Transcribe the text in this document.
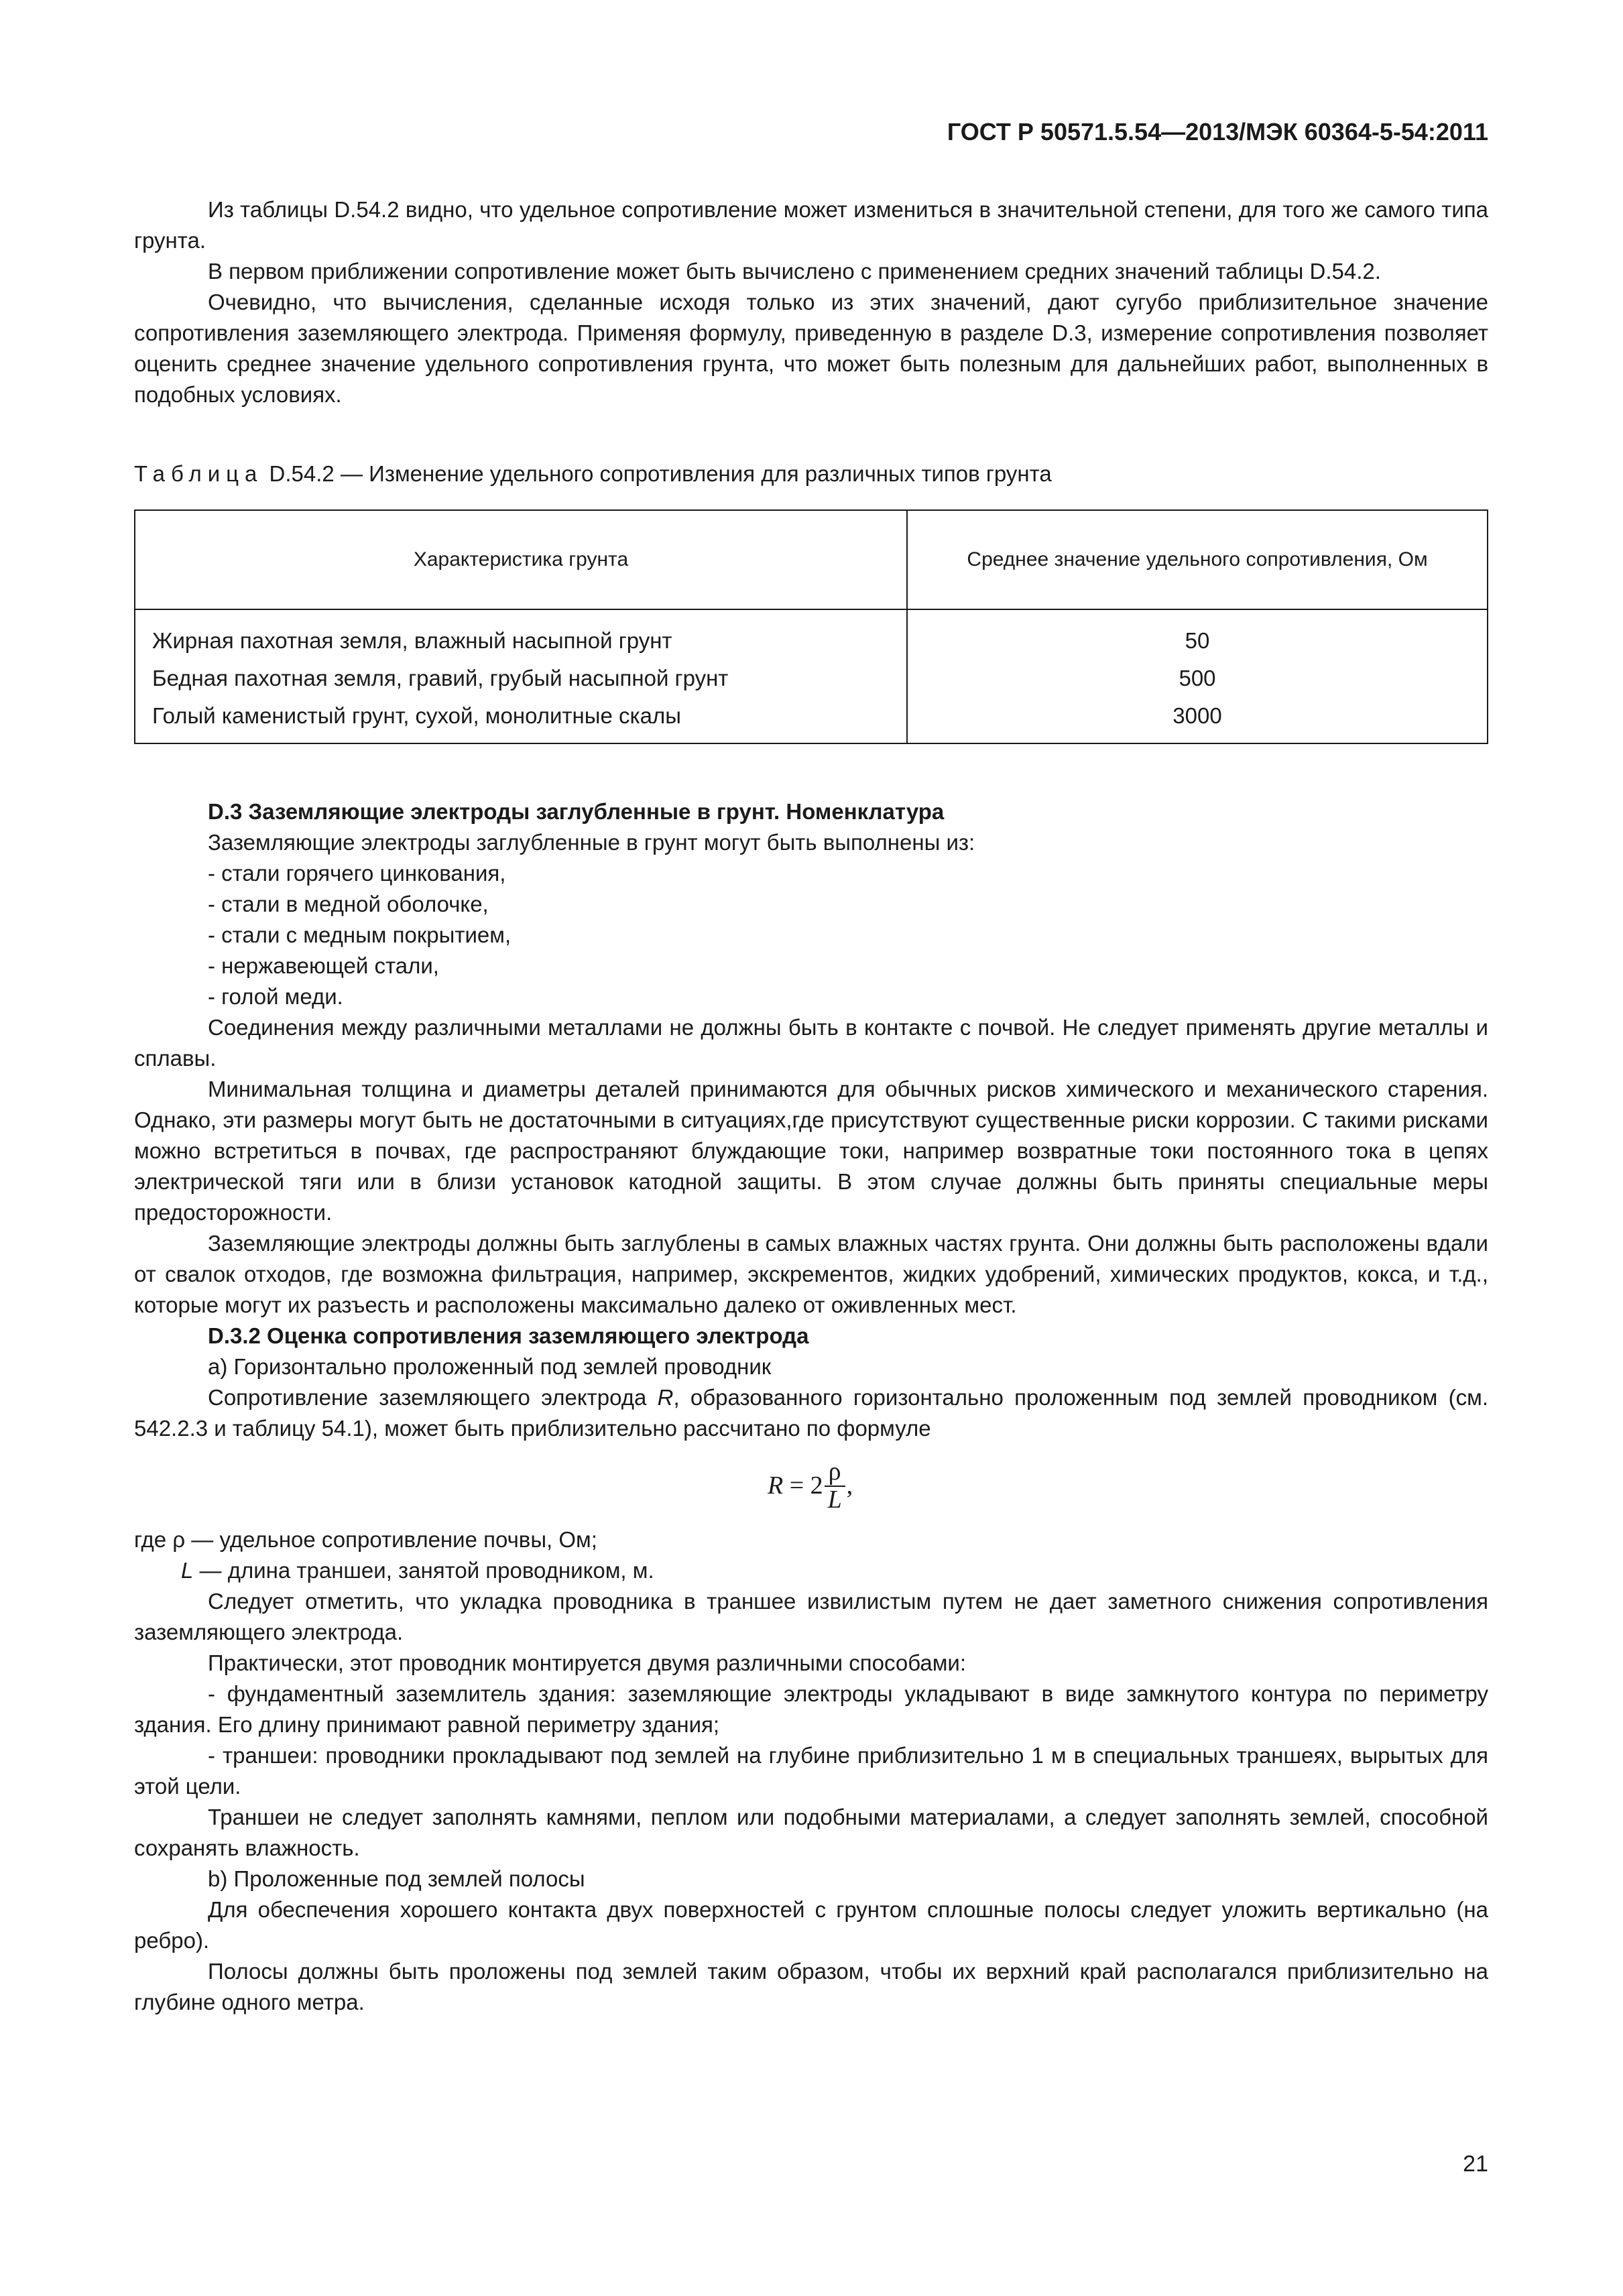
ГОСТ Р 50571.5.54—2013/МЭК 60364-5-54:2011

Из таблицы D.54.2 видно, что удельное сопротивление может измениться в значительной степени, для того же самого типа грунта.

В первом приближении сопротивление может быть вычислено с применением средних значений таблицы D.54.2.

Очевидно, что вычисления, сделанные исходя только из этих значений, дают сугубо приблизительное значение сопротивления заземляющего электрода. Применяя формулу, приведенную в разделе D.3, измерение сопротивления позволяет оценить среднее значение удельного сопротивления грунта, что может быть полезным для дальнейших работ, выполненных в подобных условиях.

Таблица D.54.2 — Изменение удельного сопротивления для различных типов грунта

Характеристика грунта	Среднее значение удельного сопротивления, Ом
Жирная пахотная земля, влажный насыпной грунт	50
Бедная пахотная земля, гравий, грубый насыпной грунт	500
Голый каменистый грунт, сухой, монолитные скалы	3000

D.3 Заземляющие электроды заглубленные в грунт. Номенклатура

Заземляющие электроды заглубленные в грунт могут быть выполнены из:

- стали горячего цинкования,

- стали в медной оболочке,

- стали с медным покрытием,

- нержавеющей стали,

- голой меди.

Соединения между различными металлами не должны быть в контакте с почвой. Не следует применять другие металлы и сплавы.

Минимальная толщина и диаметры деталей принимаются для обычных рисков химического и механического старения. Однако, эти размеры могут быть не достаточными в ситуациях,где присутствуют существенные риски коррозии. С такими рисками можно встретиться в почвах, где распространяют блуждающие токи, например возвратные токи постоянного тока в цепях электрической тяги или в близи установок катодной защиты. В этом случае должны быть приняты специальные меры предосторожности.

Заземляющие электроды должны быть заглублены в самых влажных частях грунта. Они должны быть расположены вдали от свалок отходов, где возможна фильтрация, например, экскрементов, жидких удобрений, химических продуктов, кокса, и т.д., которые могут их разъесть и расположены максимально далеко от оживленных мест.

D.3.2 Оценка сопротивления заземляющего электрода

a) Горизонтально проложенный под землей проводник

Сопротивление заземляющего электрода R, образованного горизонтально проложенным под землей проводником (см. 542.2.3 и таблицу 54.1), может быть приблизительно рассчитано по формуле

$R = 2 \frac{\rho}{L}$ ,

где ρ — удельное сопротивление почвы, Ом;

L — длина траншеи, занятой проводником, м.

Следует отметить, что укладка проводника в траншее извилистым путем не дает заметного снижения сопротивления заземляющего электрода.

Практически, этот проводник монтируется двумя различными способами:

- фундаментный заземлитель здания: заземляющие электроды укладывают в виде замкнутого контура по периметру здания. Его длину принимают равной периметру здания;

- траншеи: проводники прокладывают под землей на глубине приблизительно 1 м в специальных траншеях, вырытых для этой цели.

Траншеи не следует заполнять камнями, пеплом или подобными материалами, а следует заполнять землей, способной сохранять влажность.

b) Проложенные под землей полосы

Для обеспечения хорошего контакта двух поверхностей с грунтом сплошные полосы следует уложить вертикально (на ребро).

Полосы должны быть проложены под землей таким образом, чтобы их верхний край располагался приблизительно на глубине одного метра.

21
